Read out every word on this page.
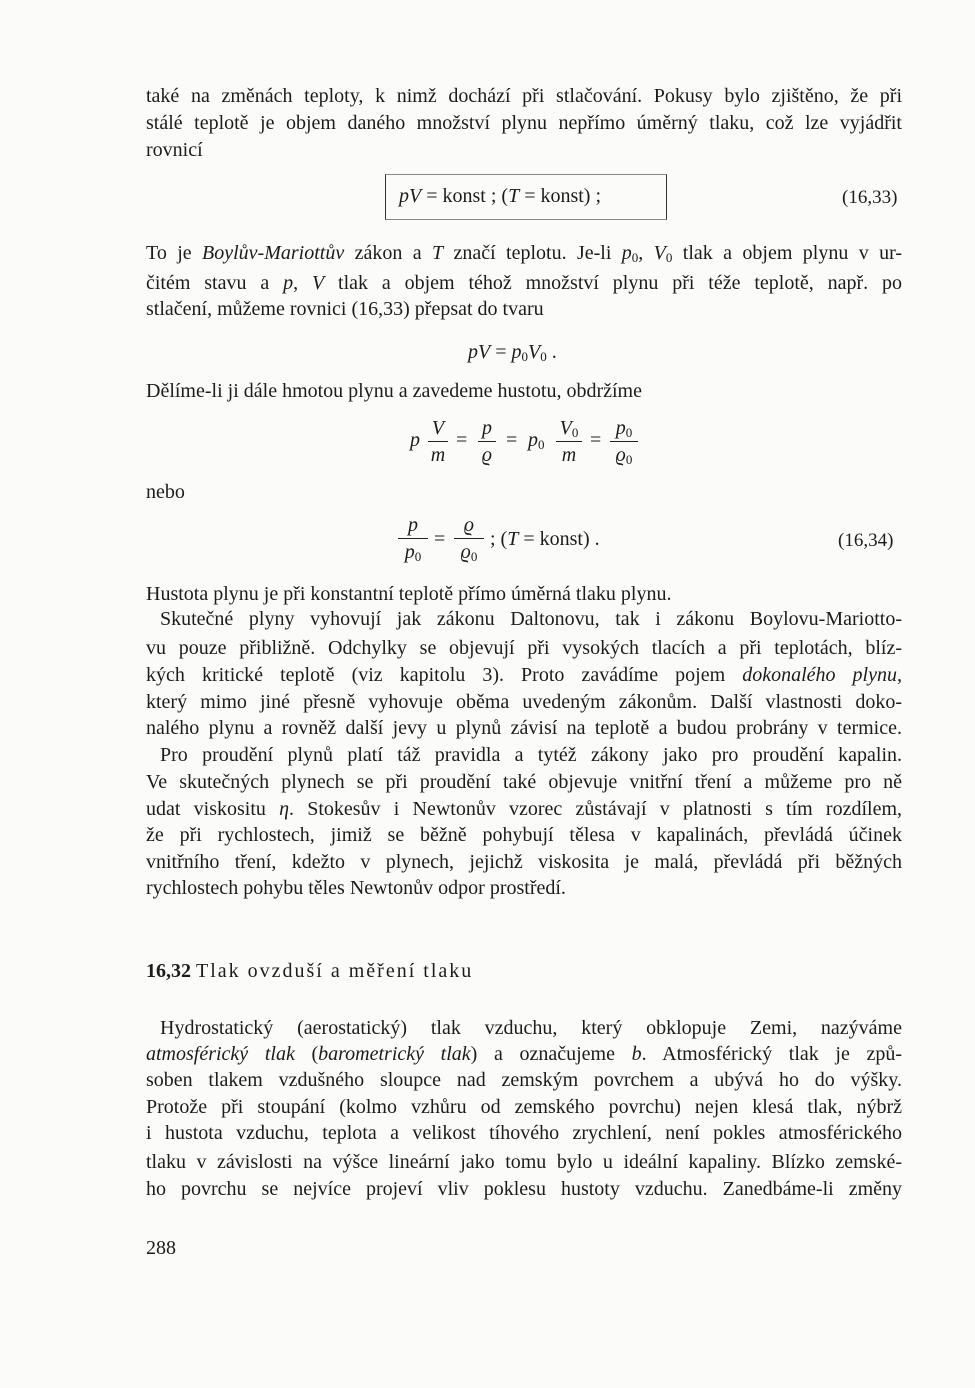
také na změnách teploty, k nimž dochází při stlačování. Pokusy bylo zjištěno, že při
stálé teplotě je objem daného množství plynu nepřímo úměrný tlaku, což lze vyjádřit
rovnicí
pV = konst ; (T = konst) ;	(16,33)
To je Boylův-Mariottův zákon a T značí teplotu. Je-li $p_0$, $V_0$ tlak a objem plynu v ur-
čitém stavu a p, V tlak a objem téhož množství plynu při téže teplotě, např. po
stlačení, můžeme rovnici (16,33) přepsat do tvaru
pV = $p_0V_0$ .
Dělíme-li ji dále hmotou plynu a zavedeme hustotu, obdržíme
p
V
m
=
p
ϱ
= $p_0$
$V_0$
m
=
$p_0$
$ϱ_0$
nebo
p
$p_0$
=
ϱ
$ϱ_0$
; (T = konst) .	(16,34)
Hustota plynu je při konstantní teplotě přímo úměrná tlaku plynu.
Skutečné plyny vyhovují jak zákonu Daltonovu, tak i zákonu Boylovu-Mariotto-
vu pouze přibližně. Odchylky se objevují při vysokých tlacích a při teplotách, blíz-
kých kritické teplotě (viz kapitolu 3). Proto zavádíme pojem dokonalého plynu,
který mimo jiné přesně vyhovuje oběma uvedeným zákonům. Další vlastnosti doko-
nalého plynu a rovněž další jevy u plynů závisí na teplotě a budou probrány v termice.
Pro proudění plynů platí táž pravidla a tytéž zákony jako pro proudění kapalin.
Ve skutečných plynech se při proudění také objevuje vnitřní tření a můžeme pro ně
udat viskositu η. Stokesův i Newtonův vzorec zůstávají v platnosti s tím rozdílem,
že při rychlostech, jimiž se běžně pohybují tělesa v kapalinách, převládá účinek
vnitřního tření, kdežto v plynech, jejichž viskosita je malá, převládá při běžných
rychlostech pohybu těles Newtonův odpor prostředí.
16,32 Tlak ovzduší a měření tlaku
Hydrostatický (aerostatický) tlak vzduchu, který obklopuje Zemi, nazýváme
atmosférický tlak (barometrický tlak) a označujeme b. Atmosférický tlak je způ-
soben tlakem vzdušného sloupce nad zemským povrchem a ubývá ho do výšky.
Protože při stoupání (kolmo vzhůru od zemského povrchu) nejen klesá tlak, nýbrž
i hustota vzduchu, teplota a velikost tíhového zrychlení, není pokles atmosférického
tlaku v závislosti na výšce lineární jako tomu bylo u ideální kapaliny. Blízko zemské-
ho povrchu se nejvíce projeví vliv poklesu hustoty vzduchu. Zanedbáme-li změny
288
